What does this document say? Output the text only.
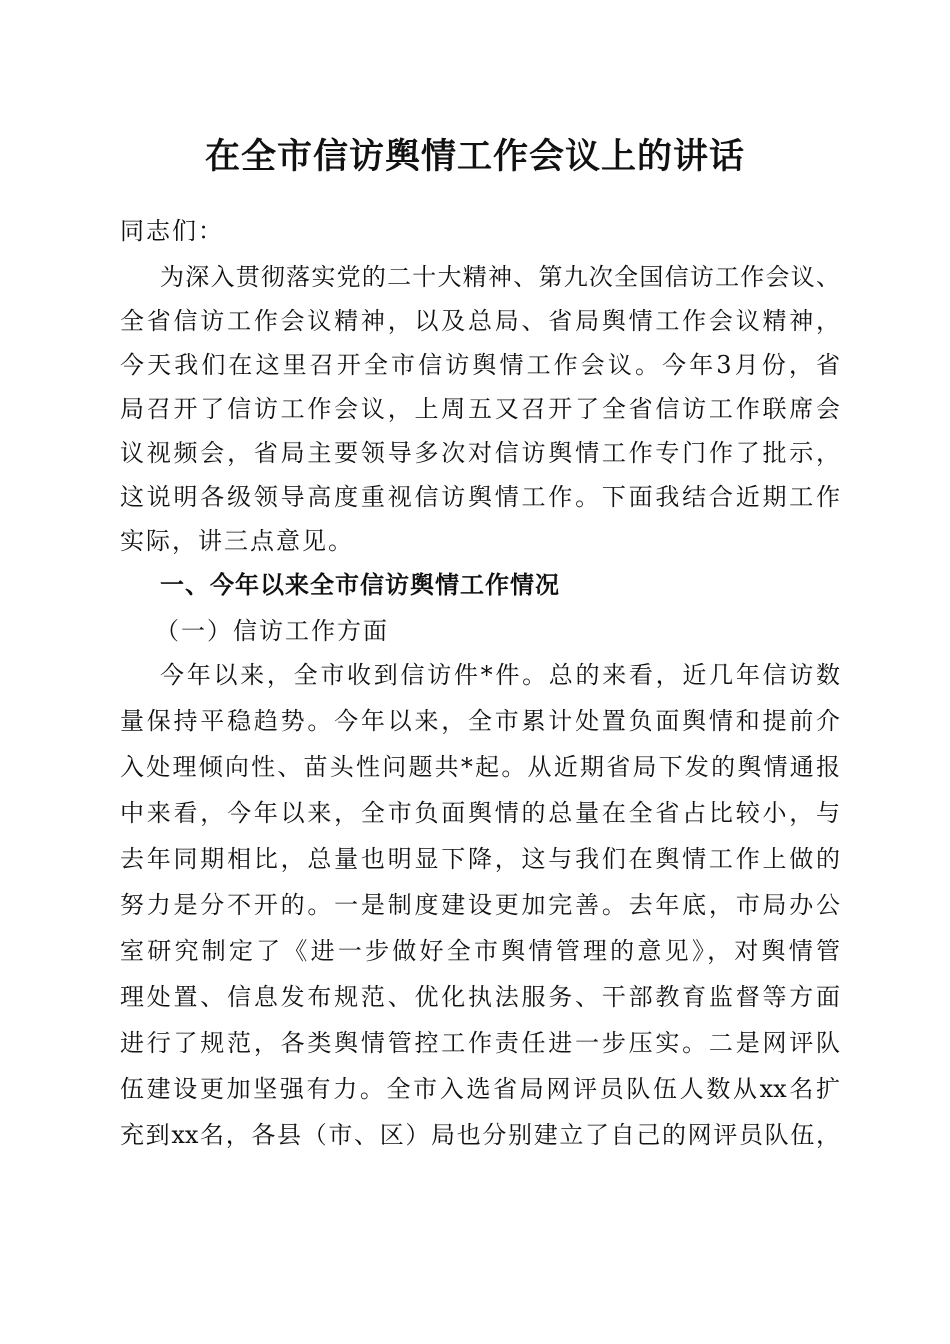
在全市信访舆情工作会议上的讲话
同志们：
为深入贯彻落实党的二十大精神、第九次全国信访工作会议、
全省信访工作会议精神，以及总局、省局舆情工作会议精神，
今天我们在这里召开全市信访舆情工作会议。今年3月份，省
局召开了信访工作会议，上周五又召开了全省信访工作联席会
议视频会，省局主要领导多次对信访舆情工作专门作了批示，
这说明各级领导高度重视信访舆情工作。下面我结合近期工作
实际，讲三点意见。
一、今年以来全市信访舆情工作情况
（一）信访工作方面
今年以来，全市收到信访件*件。总的来看，近几年信访数
量保持平稳趋势。今年以来，全市累计处置负面舆情和提前介
入处理倾向性、苗头性问题共*起。从近期省局下发的舆情通报
中来看，今年以来，全市负面舆情的总量在全省占比较小，与
去年同期相比，总量也明显下降，这与我们在舆情工作上做的
努力是分不开的。一是制度建设更加完善。去年底，市局办公
室研究制定了《进一步做好全市舆情管理的意见》，对舆情管
理处置、信息发布规范、优化执法服务、干部教育监督等方面
进行了规范，各类舆情管控工作责任进一步压实。二是网评队
伍建设更加坚强有力。全市入选省局网评员队伍人数从xx名扩
充到xx名，各县（市、区）局也分别建立了自己的网评员队伍，
